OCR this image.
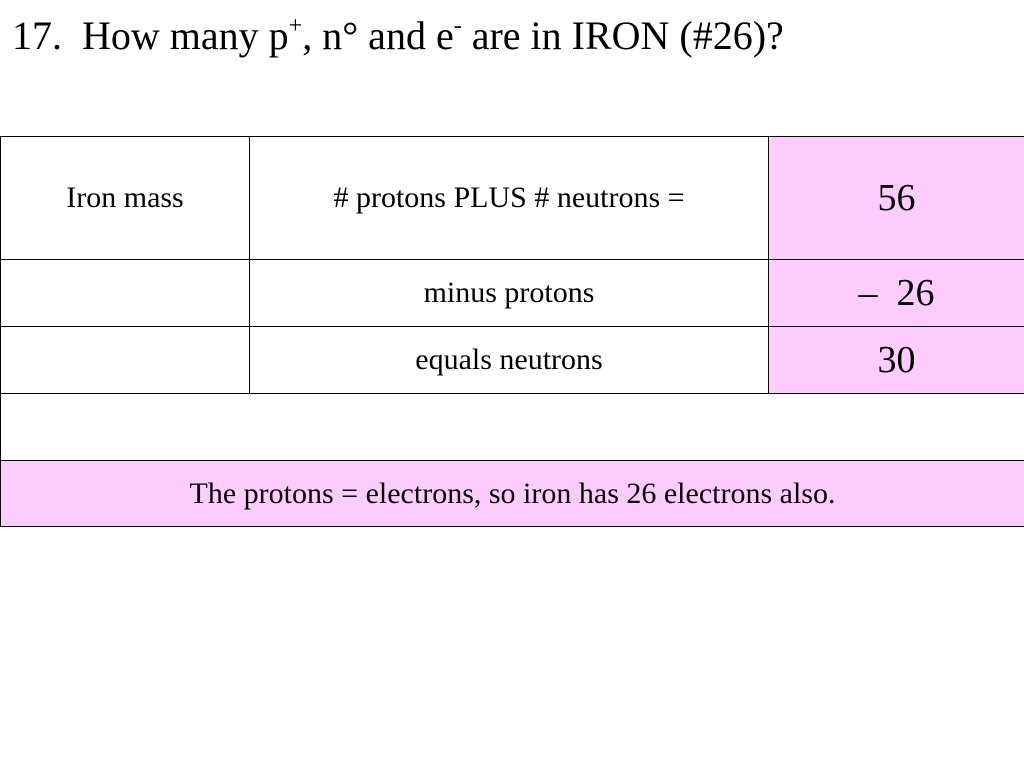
17. How many p+, n° and e- are in IRON (#26)?
Iron mass	# protons PLUS # neutrons =	56
	minus protons	–  26
	equals neutrons	30

The protons = electrons, so iron has 26 electrons also.		
